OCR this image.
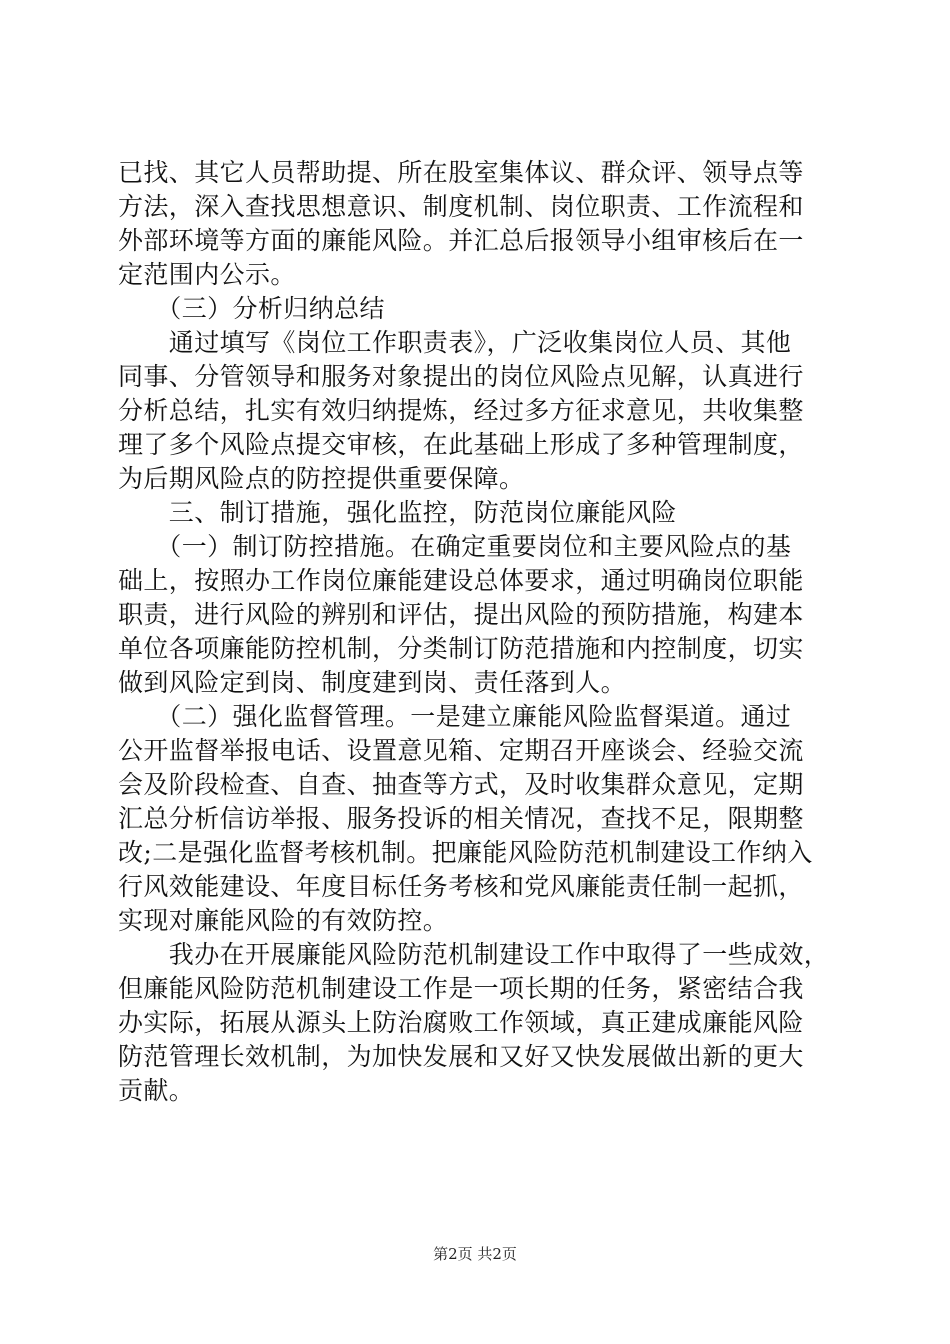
已找、其它人员帮助提、所在股室集体议、群众评、领导点等
方法，深入查找思想意识、制度机制、岗位职责、工作流程和
外部环境等方面的廉能风险。并汇总后报领导小组审核后在一
定范围内公示。
　　（三）分析归纳总结
　　通过填写《岗位工作职责表》，广泛收集岗位人员、其他
同事、分管领导和服务对象提出的岗位风险点见解，认真进行
分析总结，扎实有效归纳提炼，经过多方征求意见，共收集整
理了多个风险点提交审核，在此基础上形成了多种管理制度，
为后期风险点的防控提供重要保障。
　　三、制订措施，强化监控，防范岗位廉能风险
　　（一）制订防控措施。在确定重要岗位和主要风险点的基
础上，按照办工作岗位廉能建设总体要求，通过明确岗位职能
职责，进行风险的辨别和评估，提出风险的预防措施，构建本
单位各项廉能防控机制，分类制订防范措施和内控制度，切实
做到风险定到岗、制度建到岗、责任落到人。
　　（二）强化监督管理。一是建立廉能风险监督渠道。通过
公开监督举报电话、设置意见箱、定期召开座谈会、经验交流
会及阶段检查、自查、抽查等方式，及时收集群众意见，定期
汇总分析信访举报、服务投诉的相关情况，查找不足，限期整
改;二是强化监督考核机制。把廉能风险防范机制建设工作纳入
行风效能建设、年度目标任务考核和党风廉能责任制一起抓，
实现对廉能风险的有效防控。
　　我办在开展廉能风险防范机制建设工作中取得了一些成效，
但廉能风险防范机制建设工作是一项长期的任务，紧密结合我
办实际，拓展从源头上防治腐败工作领域，真正建成廉能风险
防范管理长效机制，为加快发展和又好又快发展做出新的更大
贡献。
第2页 共2页
